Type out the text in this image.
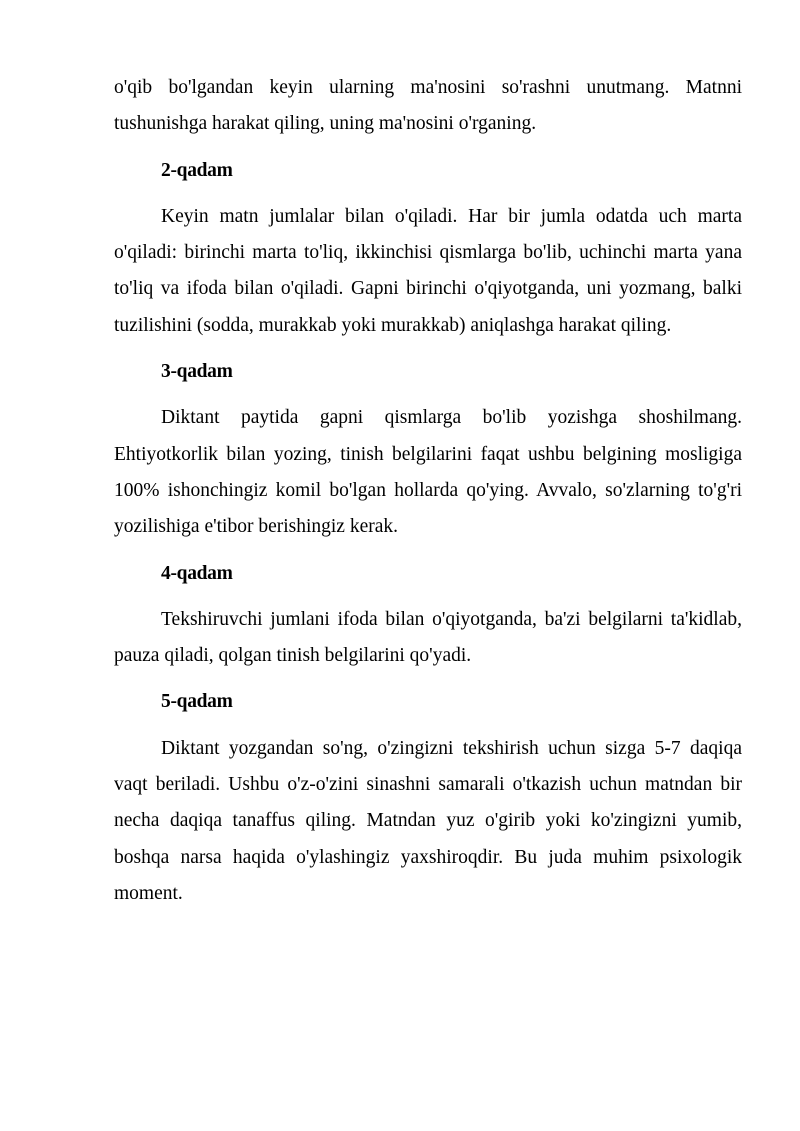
o'qib bo'lgandan keyin ularning ma'nosini so'rashni unutmang. Matnni tushunishga harakat qiling, uning ma'nosini o'rganing.

2-qadam

Keyin matn jumlalar bilan o'qiladi. Har bir jumla odatda uch marta o'qiladi: birinchi marta to'liq, ikkinchisi qismlarga bo'lib, uchinchi marta yana to'liq va ifoda bilan o'qiladi. Gapni birinchi o'qiyotganda, uni yozmang, balki tuzilishini (sodda, murakkab yoki murakkab) aniqlashga harakat qiling.

3-qadam

Diktant paytida gapni qismlarga bo'lib yozishga shoshilmang. Ehtiyotkorlik bilan yozing, tinish belgilarini faqat ushbu belgining mosligiga 100% ishonchingiz komil bo'lgan hollarda qo'ying. Avvalo, so'zlarning to'g'ri yozilishiga e'tibor berishingiz kerak.

4-qadam

Tekshiruvchi jumlani ifoda bilan o'qiyotganda, ba'zi belgilarni ta'kidlab, pauza qiladi, qolgan tinish belgilarini qo'yadi.

5-qadam

Diktant yozgandan so'ng, o'zingizni tekshirish uchun sizga 5-7 daqiqa vaqt beriladi. Ushbu o'z-o'zini sinashni samarali o'tkazish uchun matndan bir necha daqiqa tanaffus qiling. Matndan yuz o'girib yoki ko'zingizni yumib, boshqa narsa haqida o'ylashingiz yaxshiroqdir. Bu juda muhim psixologik moment.
